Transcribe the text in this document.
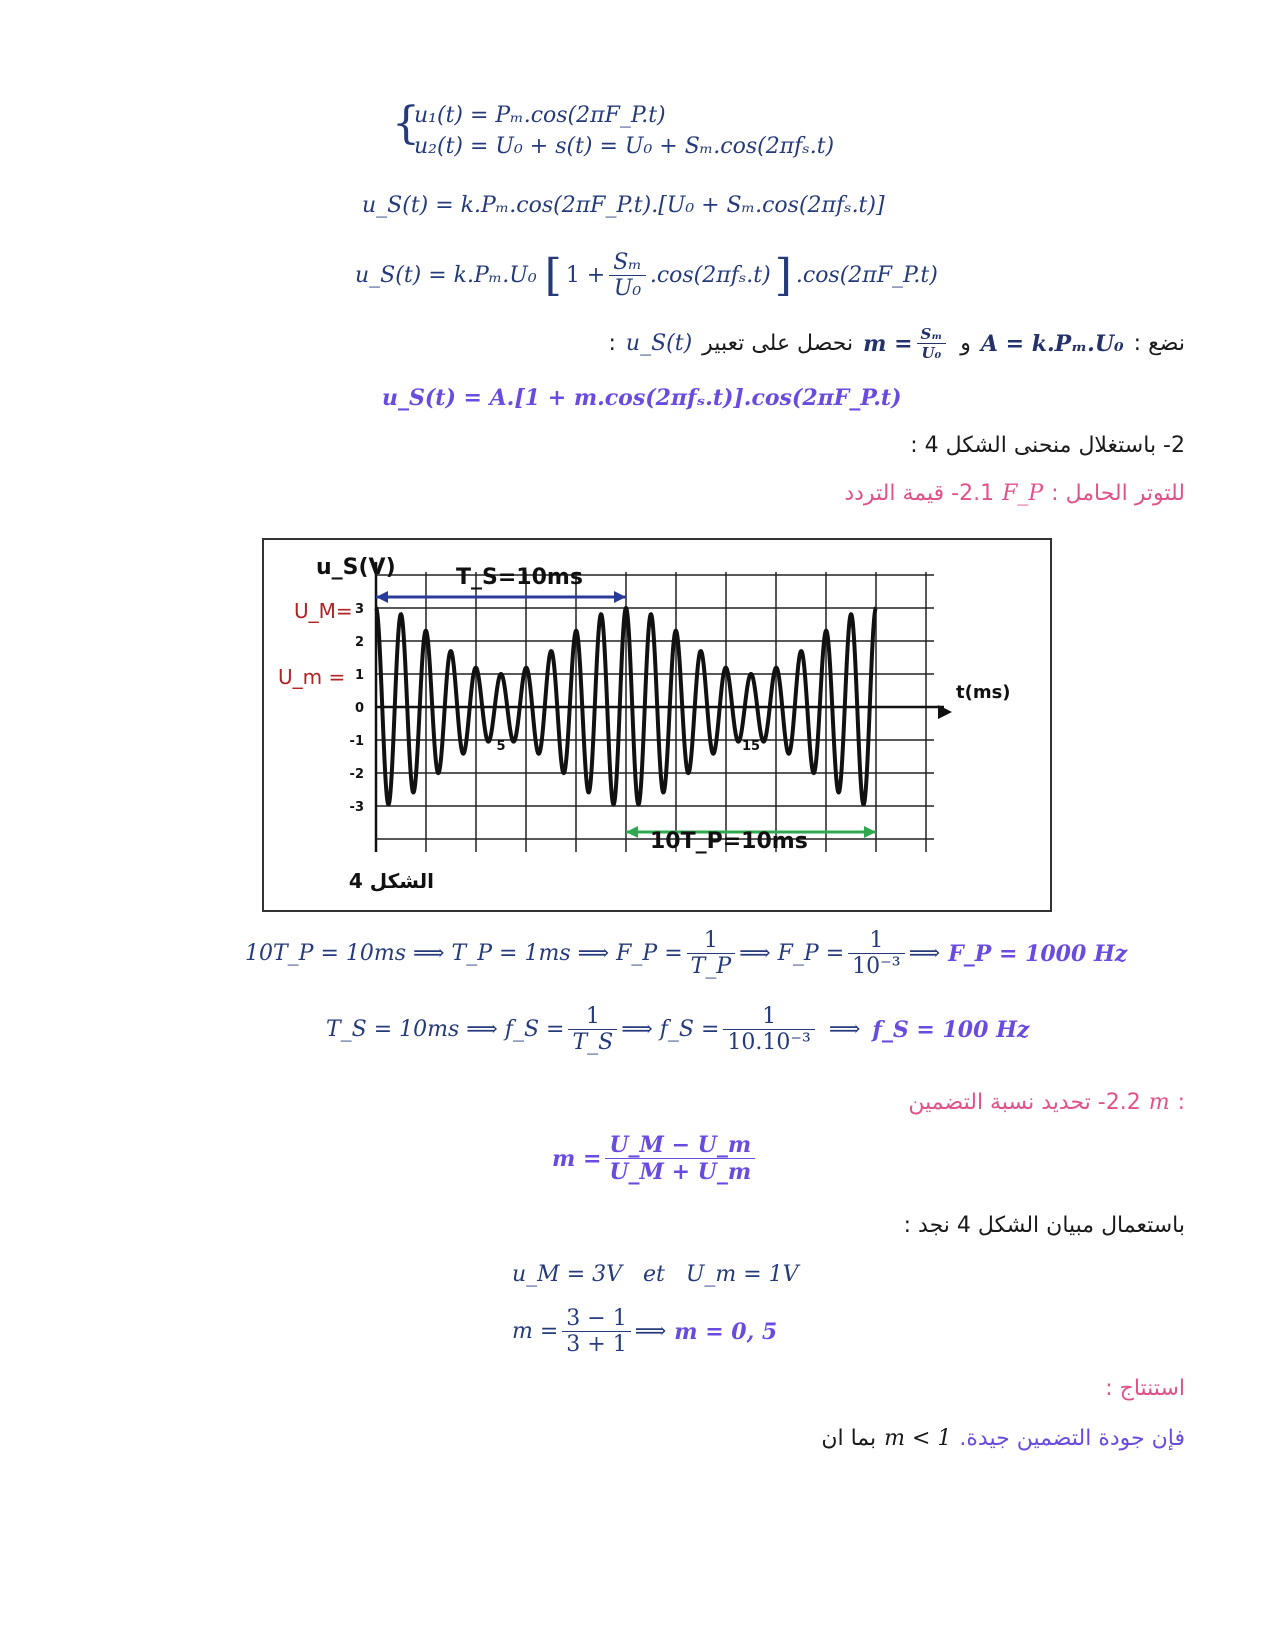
{
u₁(t) = Pₘ.cos(2πF_P.t)
u₂(t) = U₀ + s(t) = U₀ + Sₘ.cos(2πfₛ.t)
u_S(t) = k.Pₘ.cos(2πF_P.t).[U₀ + Sₘ.cos(2πfₛ.t)]
u_S(t) = k.Pₘ.U₀ [ $1 + \frac{\text{Sₘ}}{\text{U₀}} .\cos(2\pi f_s.t)$ ] .cos(2πF_P.t)
نضع :
A = k.Pₘ.U₀
و
$m = \frac{\text{Sₘ}}{\text{U₀}}$
نحصل على تعبير
u_S(t)
:
u_S(t) = A.[1 + m.cos(2πfₛ.t)].cos(2πF_P.t)
2- باستغلال منحنى الشكل 4 :
2.1- قيمة التردد F_P للتوتر الحامل :
u_S(V)	T_S=10ms
t(ms)
10T_P=10ms
U_M=
U_m =
الشكل 4
3
2
1
0
-1
-2
-3
5	15
10T_P = 10ms ⟹ T_P = 1ms ⟹ F_P = $\frac{1}{T\_P}$ ⟹ F_P = $\frac{1}{\text{10⁻³}}$ ⟹ F_P = 1000 Hz
T_S = 10ms ⟹ f_S = $\frac{1}{T\_S}$ ⟹ f_S = $\frac{1}{\text{10.10⁻³}}$ ⟹ f_S = 100 Hz
2.2- تحديد نسبة التضمين m :
$m = \frac{U\_M - U\_m}{U\_M + U\_m}$
باستعمال مبيان الشكل 4 نجد :
u_M = 3V   et   U_m = 1V
$m = \frac{3 - 1}{3 + 1}$ ⟹ m = 0, 5
استنتاج :
بما ان m < 1 فإن جودة التضمين جيدة.
